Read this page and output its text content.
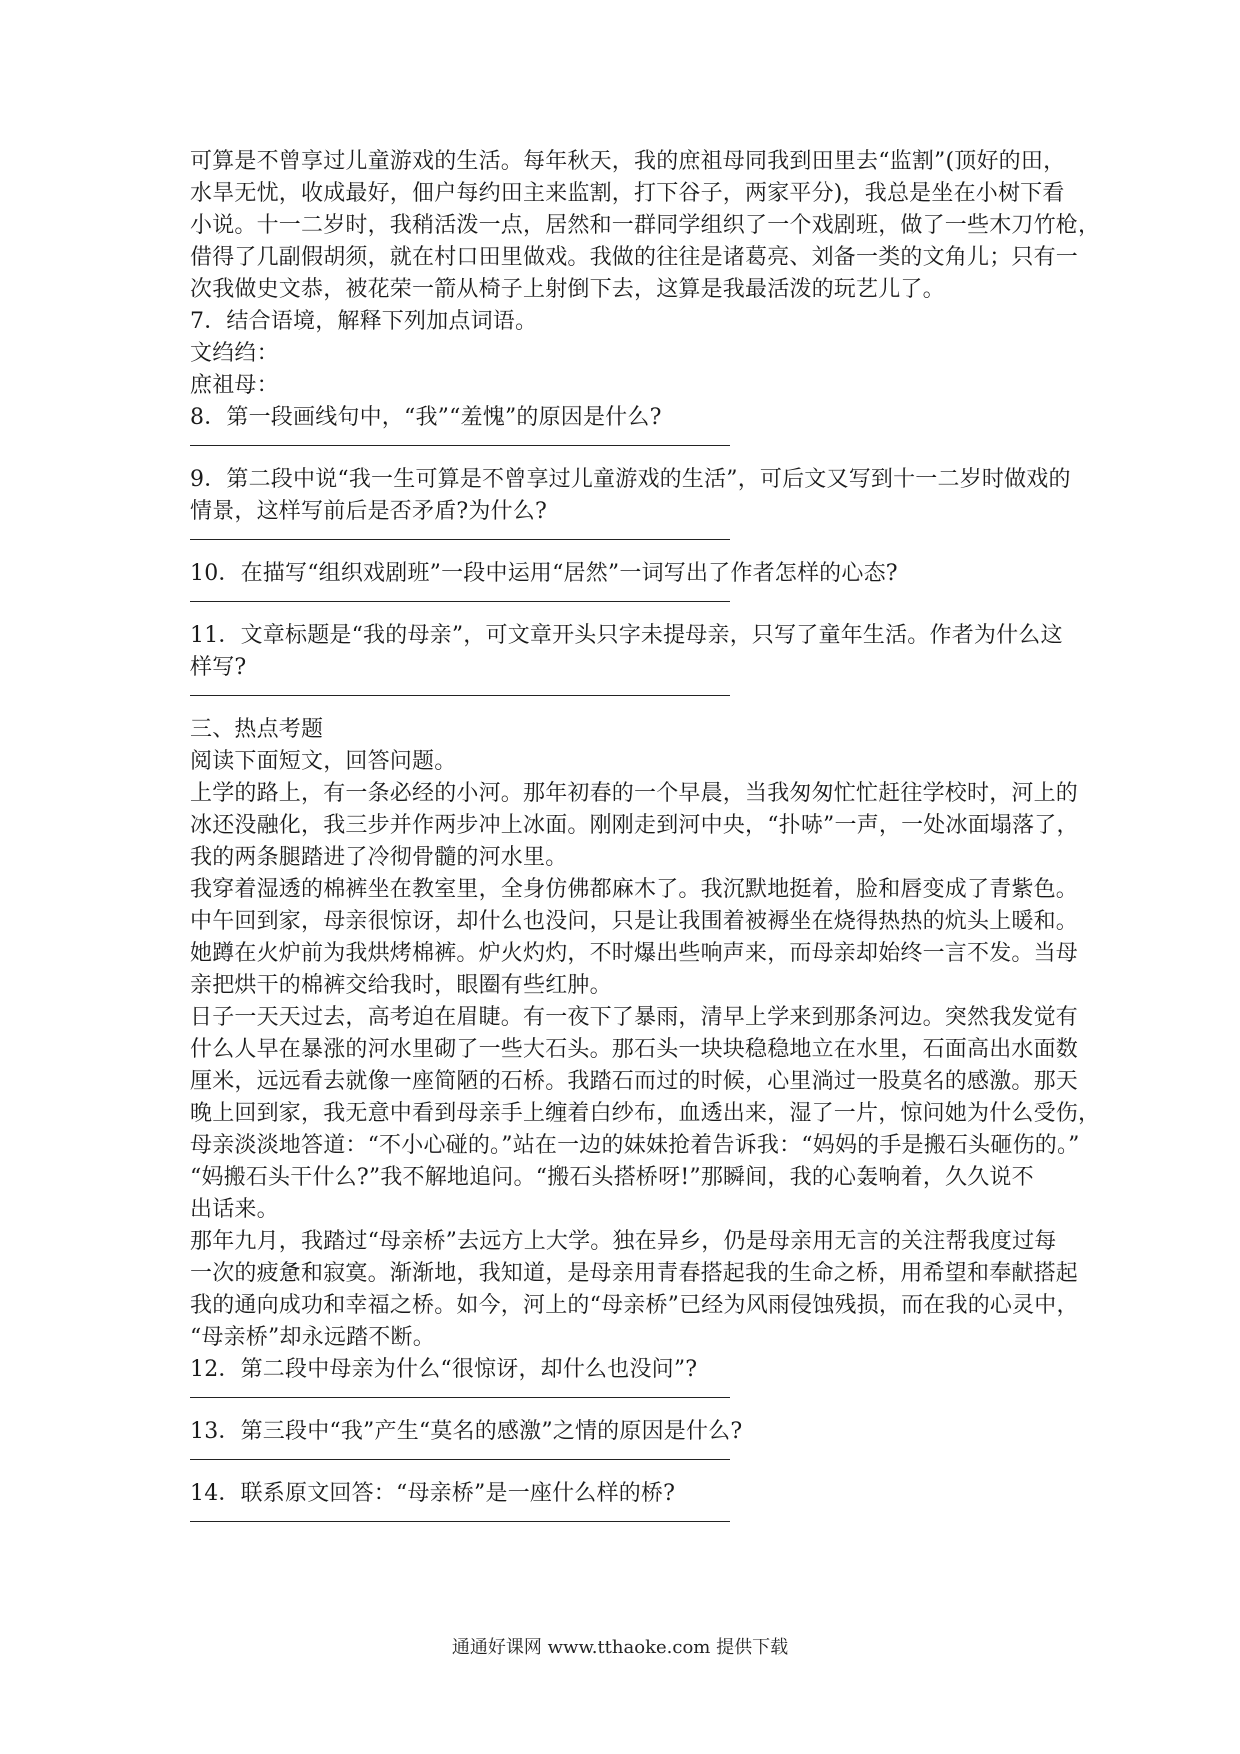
可算是不曾享过儿童游戏的生活。每年秋天，我的庶祖母同我到田里去“监割”(顶好的田，
水旱无忧，收成最好，佃户每约田主来监割，打下谷子，两家平分)，我总是坐在小树下看
小说。十一二岁时，我稍活泼一点，居然和一群同学组织了一个戏剧班，做了一些木刀竹枪，
借得了几副假胡须，就在村口田里做戏。我做的往往是诸葛亮、刘备一类的文角儿；只有一
次我做史文恭，被花荣一箭从椅子上射倒下去，这算是我最活泼的玩艺儿了。
7．结合语境，解释下列加点词语。
文绉绉：
庶祖母：
8．第一段画线句中，“我”“羞愧”的原因是什么?
9．第二段中说“我一生可算是不曾享过儿童游戏的生活”，可后文又写到十一二岁时做戏的
情景，这样写前后是否矛盾?为什么?
10．在描写“组织戏剧班”一段中运用“居然”一词写出了作者怎样的心态?
11．文章标题是“我的母亲”，可文章开头只字未提母亲，只写了童年生活。作者为什么这
样写?
三、热点考题
阅读下面短文，回答问题。
上学的路上，有一条必经的小河。那年初春的一个早晨，当我匆匆忙忙赶往学校时，河上的
冰还没融化，我三步并作两步冲上冰面。刚刚走到河中央，“扑哧”一声，一处冰面塌落了，
我的两条腿踏进了冷彻骨髓的河水里。
我穿着湿透的棉裤坐在教室里，全身仿佛都麻木了。我沉默地挺着，脸和唇变成了青紫色。
中午回到家，母亲很惊讶，却什么也没问，只是让我围着被褥坐在烧得热热的炕头上暖和。
她蹲在火炉前为我烘烤棉裤。炉火灼灼，不时爆出些响声来，而母亲却始终一言不发。当母
亲把烘干的棉裤交给我时，眼圈有些红肿。
日子一天天过去，高考迫在眉睫。有一夜下了暴雨，清早上学来到那条河边。突然我发觉有
什么人早在暴涨的河水里砌了一些大石头。那石头一块块稳稳地立在水里，石面高出水面数
厘米，远远看去就像一座简陋的石桥。我踏石而过的时候，心里淌过一股莫名的感激。那天
晚上回到家，我无意中看到母亲手上缠着白纱布，血透出来，湿了一片，惊问她为什么受伤，
母亲淡淡地答道：“不小心碰的。”站在一边的妹妹抢着告诉我：“妈妈的手是搬石头砸伤的。”
“妈搬石头干什么?”我不解地追问。“搬石头搭桥呀!”那瞬间，我的心轰响着，久久说不
出话来。
那年九月，我踏过“母亲桥”去远方上大学。独在异乡，仍是母亲用无言的关注帮我度过每
一次的疲惫和寂寞。渐渐地，我知道，是母亲用青春搭起我的生命之桥，用希望和奉献搭起
我的通向成功和幸福之桥。如今，河上的“母亲桥”已经为风雨侵蚀残损，而在我的心灵中，
“母亲桥”却永远踏不断。
12．第二段中母亲为什么“很惊讶，却什么也没问”?
13．第三段中“我”产生“莫名的感激”之情的原因是什么?
14．联系原文回答：“母亲桥”是一座什么样的桥?
通通好课网 www.tthaoke.com 提供下载
